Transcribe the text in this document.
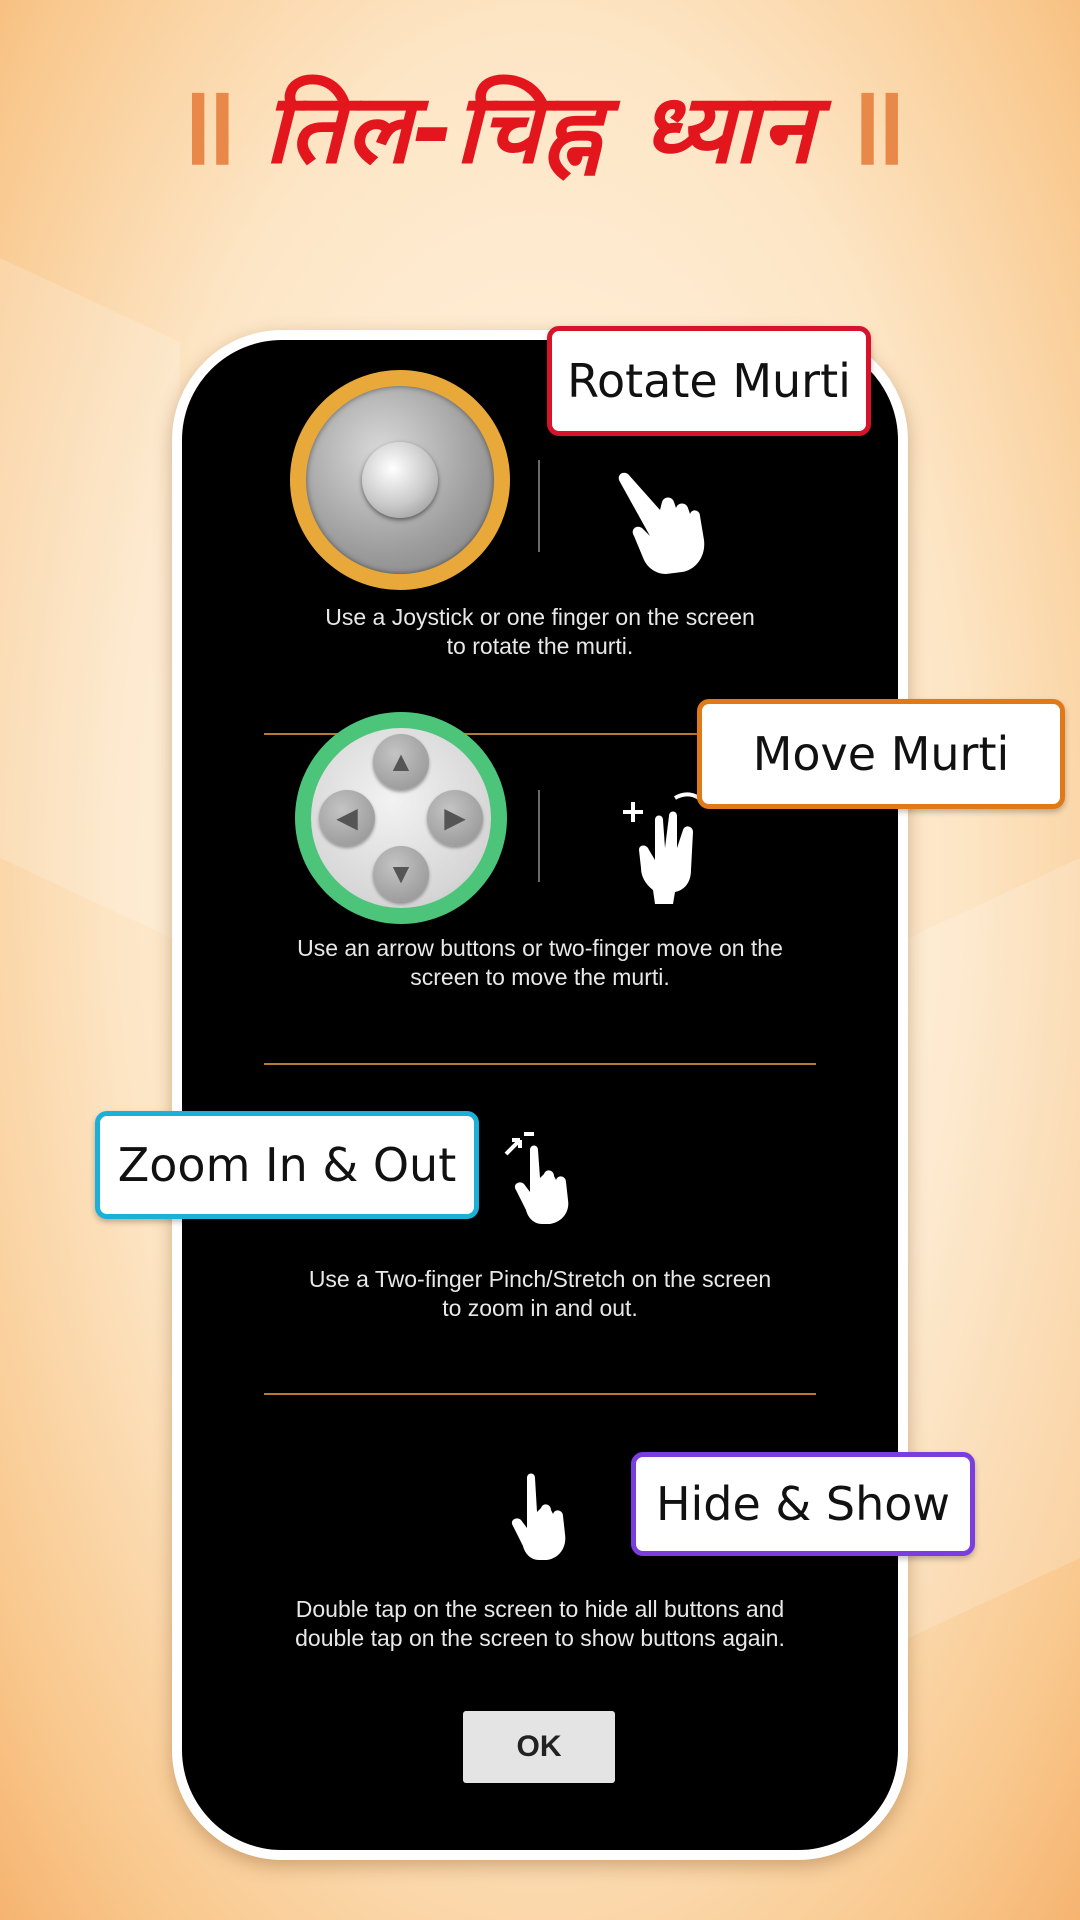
॥ तिल-चिह्न ध्यान ॥
Use a Joystick or one finger on the screen
to rotate the murti.
Rotate Murti
▲
◀	▶
▼
Use an arrow buttons or two-finger move on the
screen to move the murti.
Move Murti
Use a Two-finger Pinch/Stretch on the screen
to zoom in and out.
Zoom In & Out
Double tap on the screen to hide all buttons and
double tap on the screen to show buttons again.
Hide & Show
OK
